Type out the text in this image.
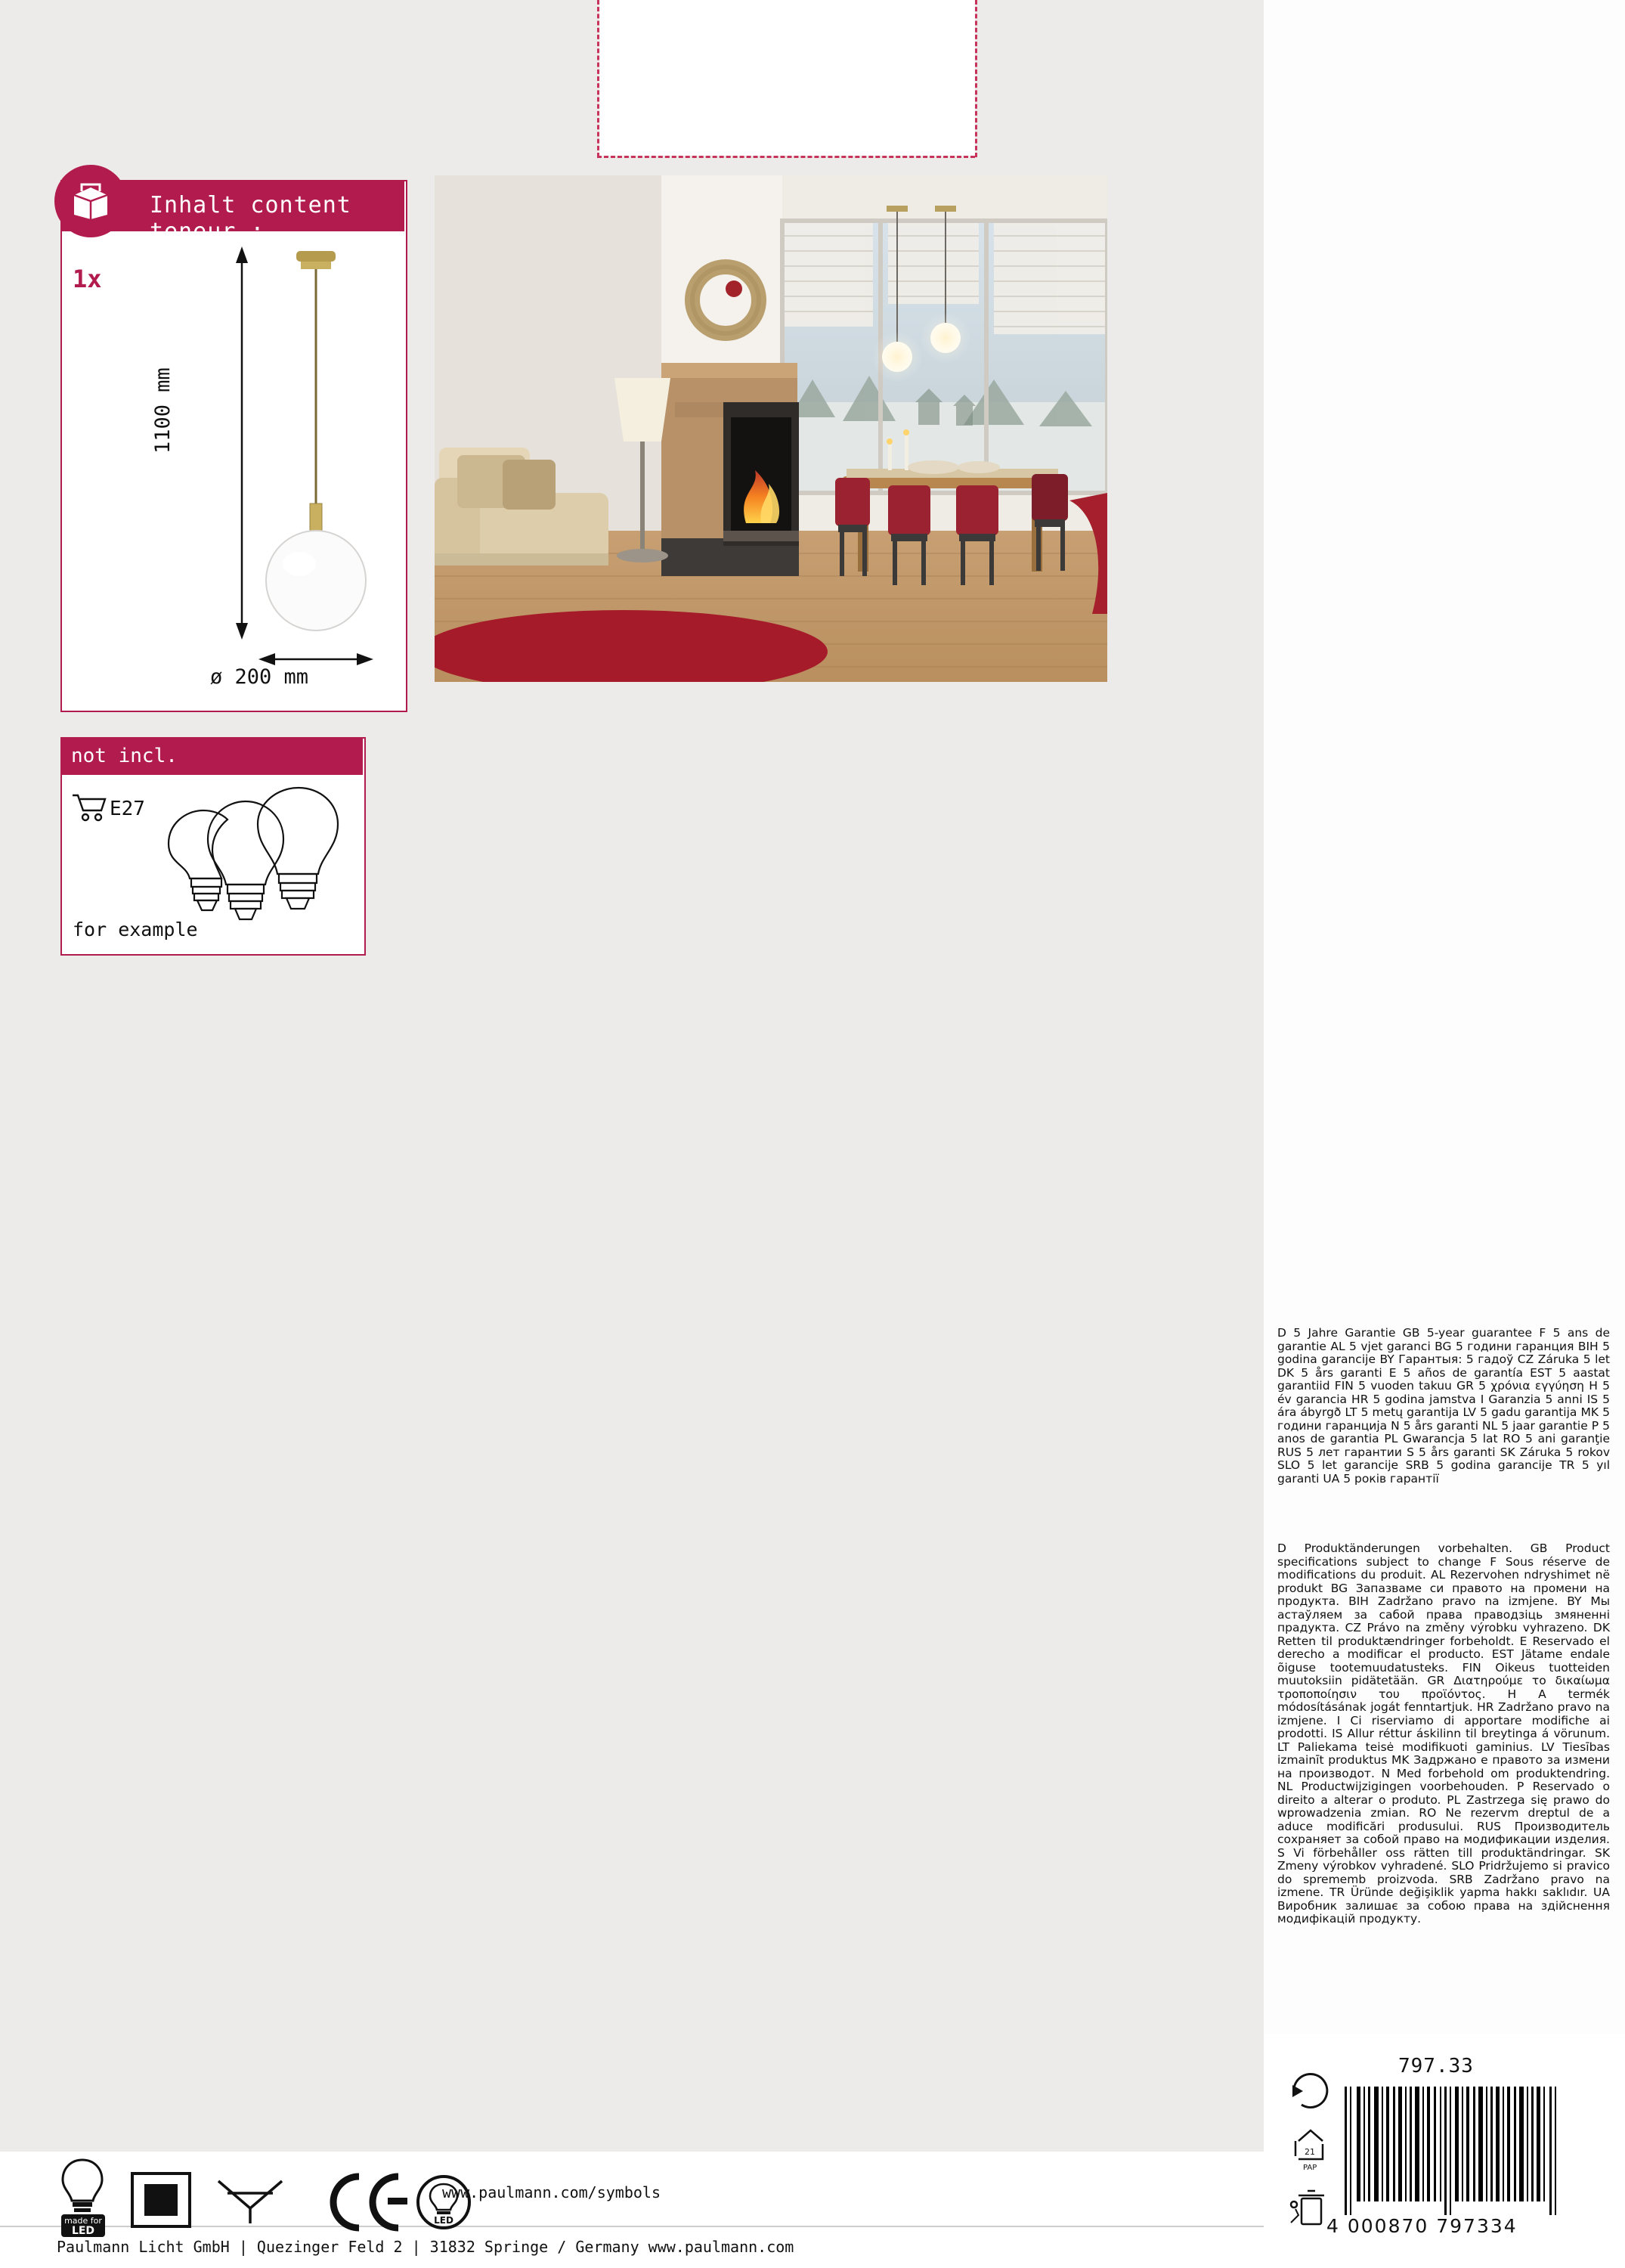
Inhalt content teneur :
1x
1100 mm
ø 200 mm
not incl.
E27
for example
D 5 Jahre Garantie GB 5-year guarantee F 5 ans de garantie AL 5 vjet garanci BG 5 години гаранция BIH 5 godina garancije BY Гарантыя: 5 гадоў CZ Záruka 5 let DK 5 års garanti E 5 años de garantía EST 5 aastat garantiid FIN 5 vuoden takuu GR 5 χρόνια εγγύηση H 5 év garancia HR 5 godina jamstva I Garanzia 5 anni IS 5 ára ábyrgð LT 5 metų garantija LV 5 gadu garantija MK 5 години гаранција N 5 års garanti NL 5 jaar garantie P 5 anos de garantia PL Gwarancja 5 lat RO 5 ani garanţie RUS 5 лет гарантии S 5 års garanti SK Záruka 5 rokov SLO 5 let garancije SRB 5 godina garancije TR 5 yıl garanti UA 5 років гарантії
D Produktänderungen vorbehalten. GB Product specifications subject to change F Sous réserve de modifications du produit. AL Rezervohen ndryshimet në produkt BG Запазваме си правото на промени на продукта. BIH Zadržano pravo na izmjene. BY Мы астаўляем за сабой права праводзіць змяненні прадукта. CZ Právo na změny výrobku vyhrazeno. DK Retten til produktændringer forbeholdt. E Reservado el derecho a modificar el producto. EST Jätame endale õiguse tootemuudatusteks. FIN Oikeus tuotteiden muutoksiin pidätetään. GR Διατηρούμε το δικαίωμα τροποποίησιν του προϊόντος. H A termék módosításának jogát fenntartjuk. HR Zadržano pravo na izmjene. I Ci riserviamo di apportare modifiche ai prodotti. IS Allur réttur áskilinn til breytinga á vörunum. LT Paliekama teisė modifikuoti gaminius. LV Tiesības izmainīt produktus MK Задржано е правото за измени на производот. N Med forbehold om produktendring. NL Productwijzigingen voorbehouden. P Reservado o direito a alterar o produto. PL Zastrzega się prawo do wprowadzenia zmian. RO Ne rezervm dreptul de a aduce modificări produsului. RUS Производитель сохраняет за собой право на модификации изделия. S Vi förbehåller oss rätten till produktändringar. SK Zmeny výrobkov vyhradené. SLO Pridržujemo si pravico do sprememb proizvoda. SRB Zadržano pravo na izmene. TR Üründe değişiklik yapma hakkı saklıdır. UA Виробник залишає за собою права на здійснення модифікацій продукту.
797.33
21
PAP
4 000870 797334
made for
LED
LED
www.paulmann.com/symbols
Paulmann Licht GmbH | Quezinger Feld 2 | 31832 Springe / Germany www.paulmann.com
